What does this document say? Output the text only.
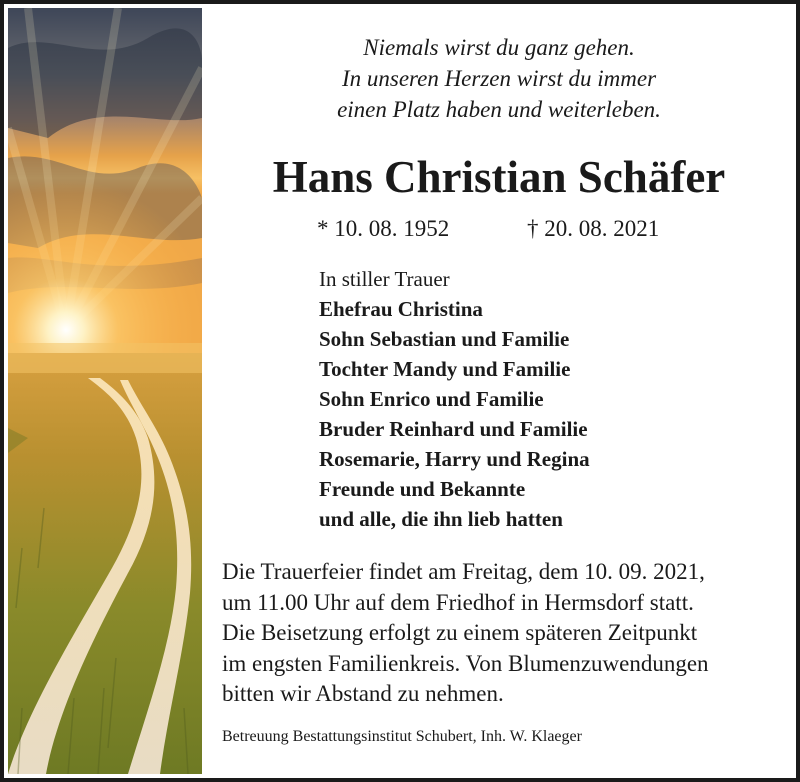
Niemals wirst du ganz gehen.
In unseren Herzen wirst du immer
einen Platz haben und weiterleben.
Hans Christian Schäfer
* 10. 08. 1952	† 20. 08. 2021
In stiller Trauer
Ehefrau Christina
Sohn Sebastian und Familie
Tochter Mandy und Familie
Sohn Enrico und Familie
Bruder Reinhard und Familie
Rosemarie, Harry und Regina
Freunde und Bekannte
und alle, die ihn lieb hatten
Die Trauerfeier findet am Freitag, dem 10. 09. 2021,
um 11.00 Uhr auf dem Friedhof in Hermsdorf statt.
Die Beisetzung erfolgt zu einem späteren Zeitpunkt
im engsten Familienkreis. Von Blumenzuwendungen
bitten wir Abstand zu nehmen.
Betreuung Bestattungsinstitut Schubert, Inh. W. Klaeger
